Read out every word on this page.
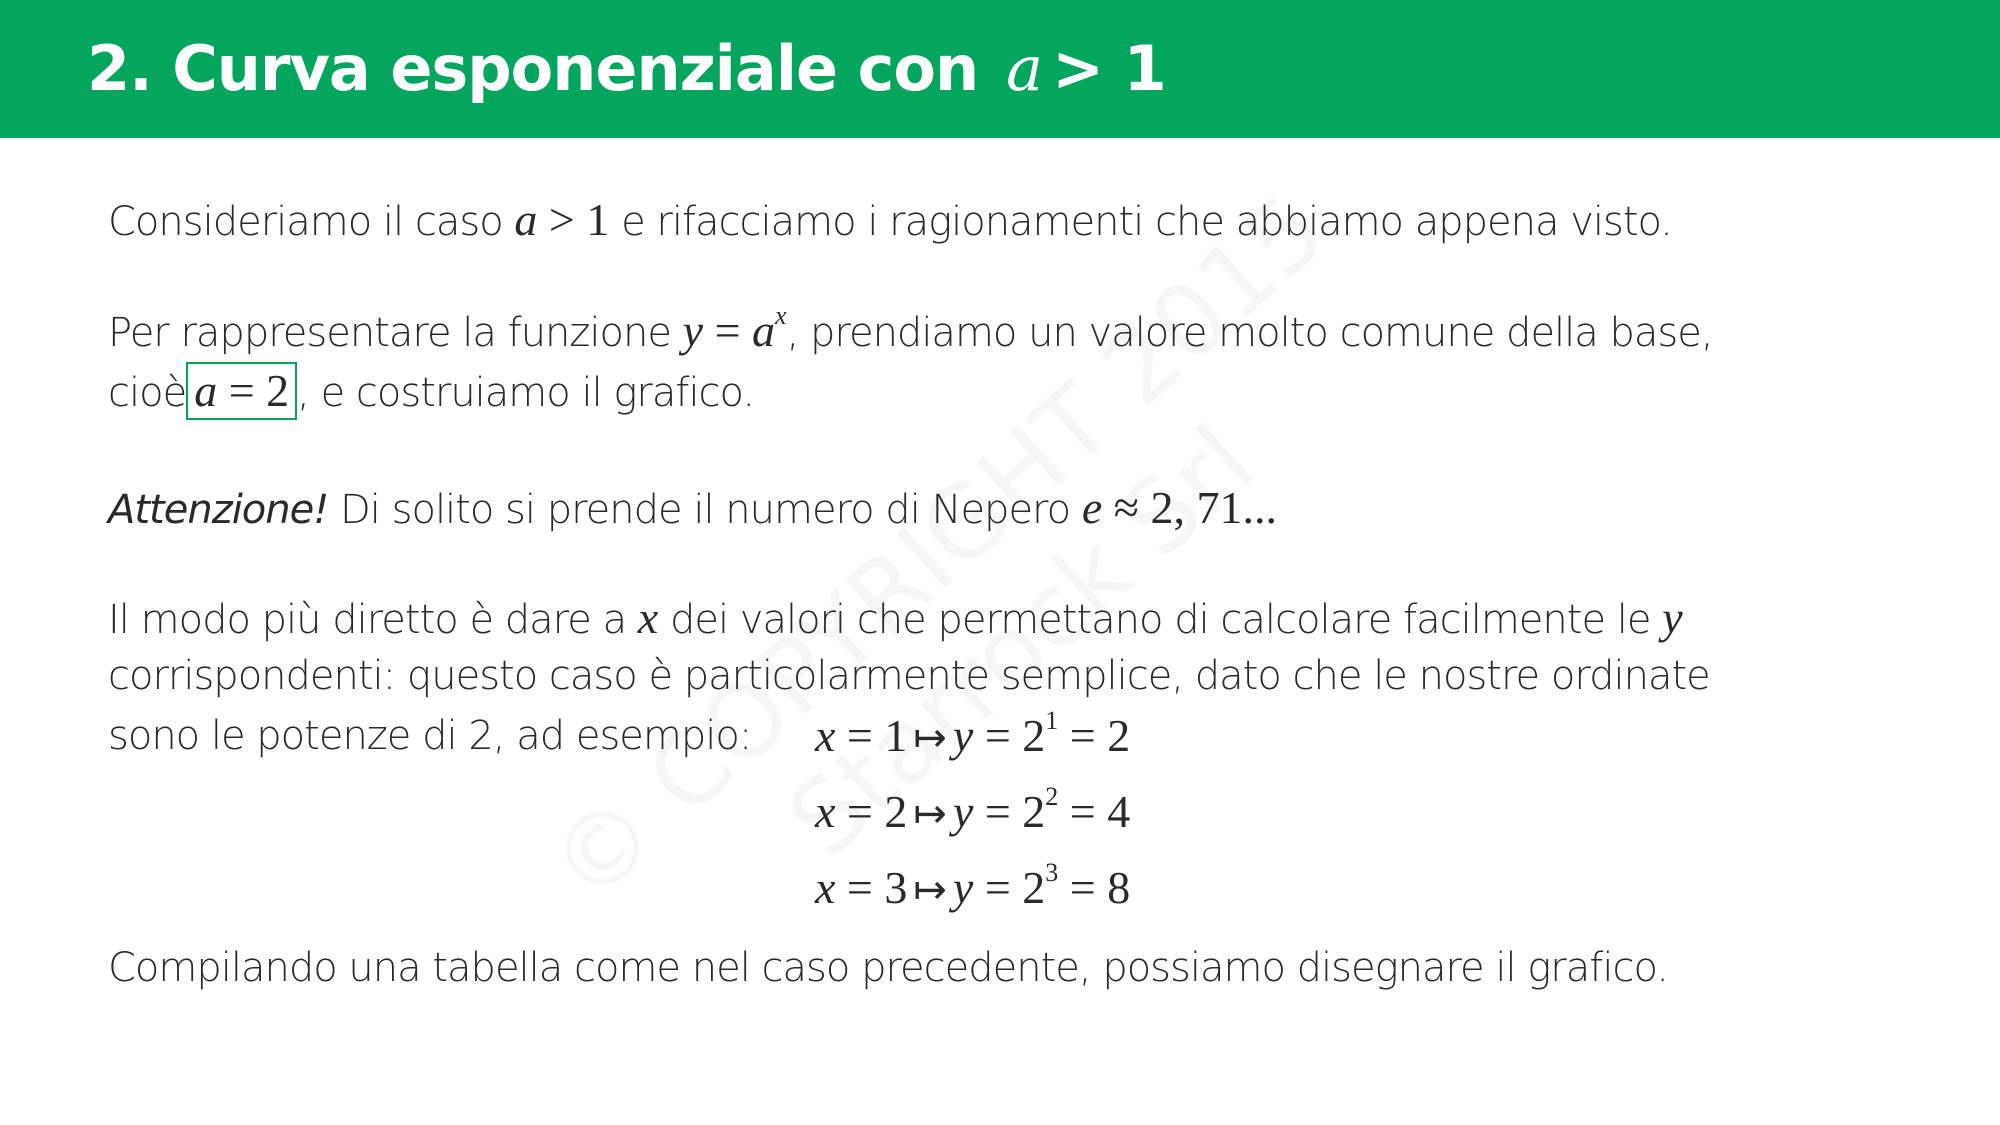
2. Curva esponenziale con a > 1

Consideriamo il caso a > 1 e rifacciamo i ragionamenti che abbiamo appena visto.

Per rappresentare la funzione $y = a^x$, prendiamo un valore molto comune della base,

cioè a = 2 , e costruiamo il grafico.

Attenzione! Di solito si prende il numero di Nepero e ≈ 2, 71...

Il modo più diretto è dare a x dei valori che permettano di calcolare facilmente le y

corrispondenti: questo caso è particolarmente semplice, dato che le nostre ordinate

sono le potenze di 2, ad esempio: x = 1 ↦ $y = 2^1 = 2$

x = 2 ↦ $y = 2^2 = 4$

x = 3 ↦ $y = 2^3 = 8$

Compilando una tabella come nel caso precedente, possiamo disegnare il grafico.
